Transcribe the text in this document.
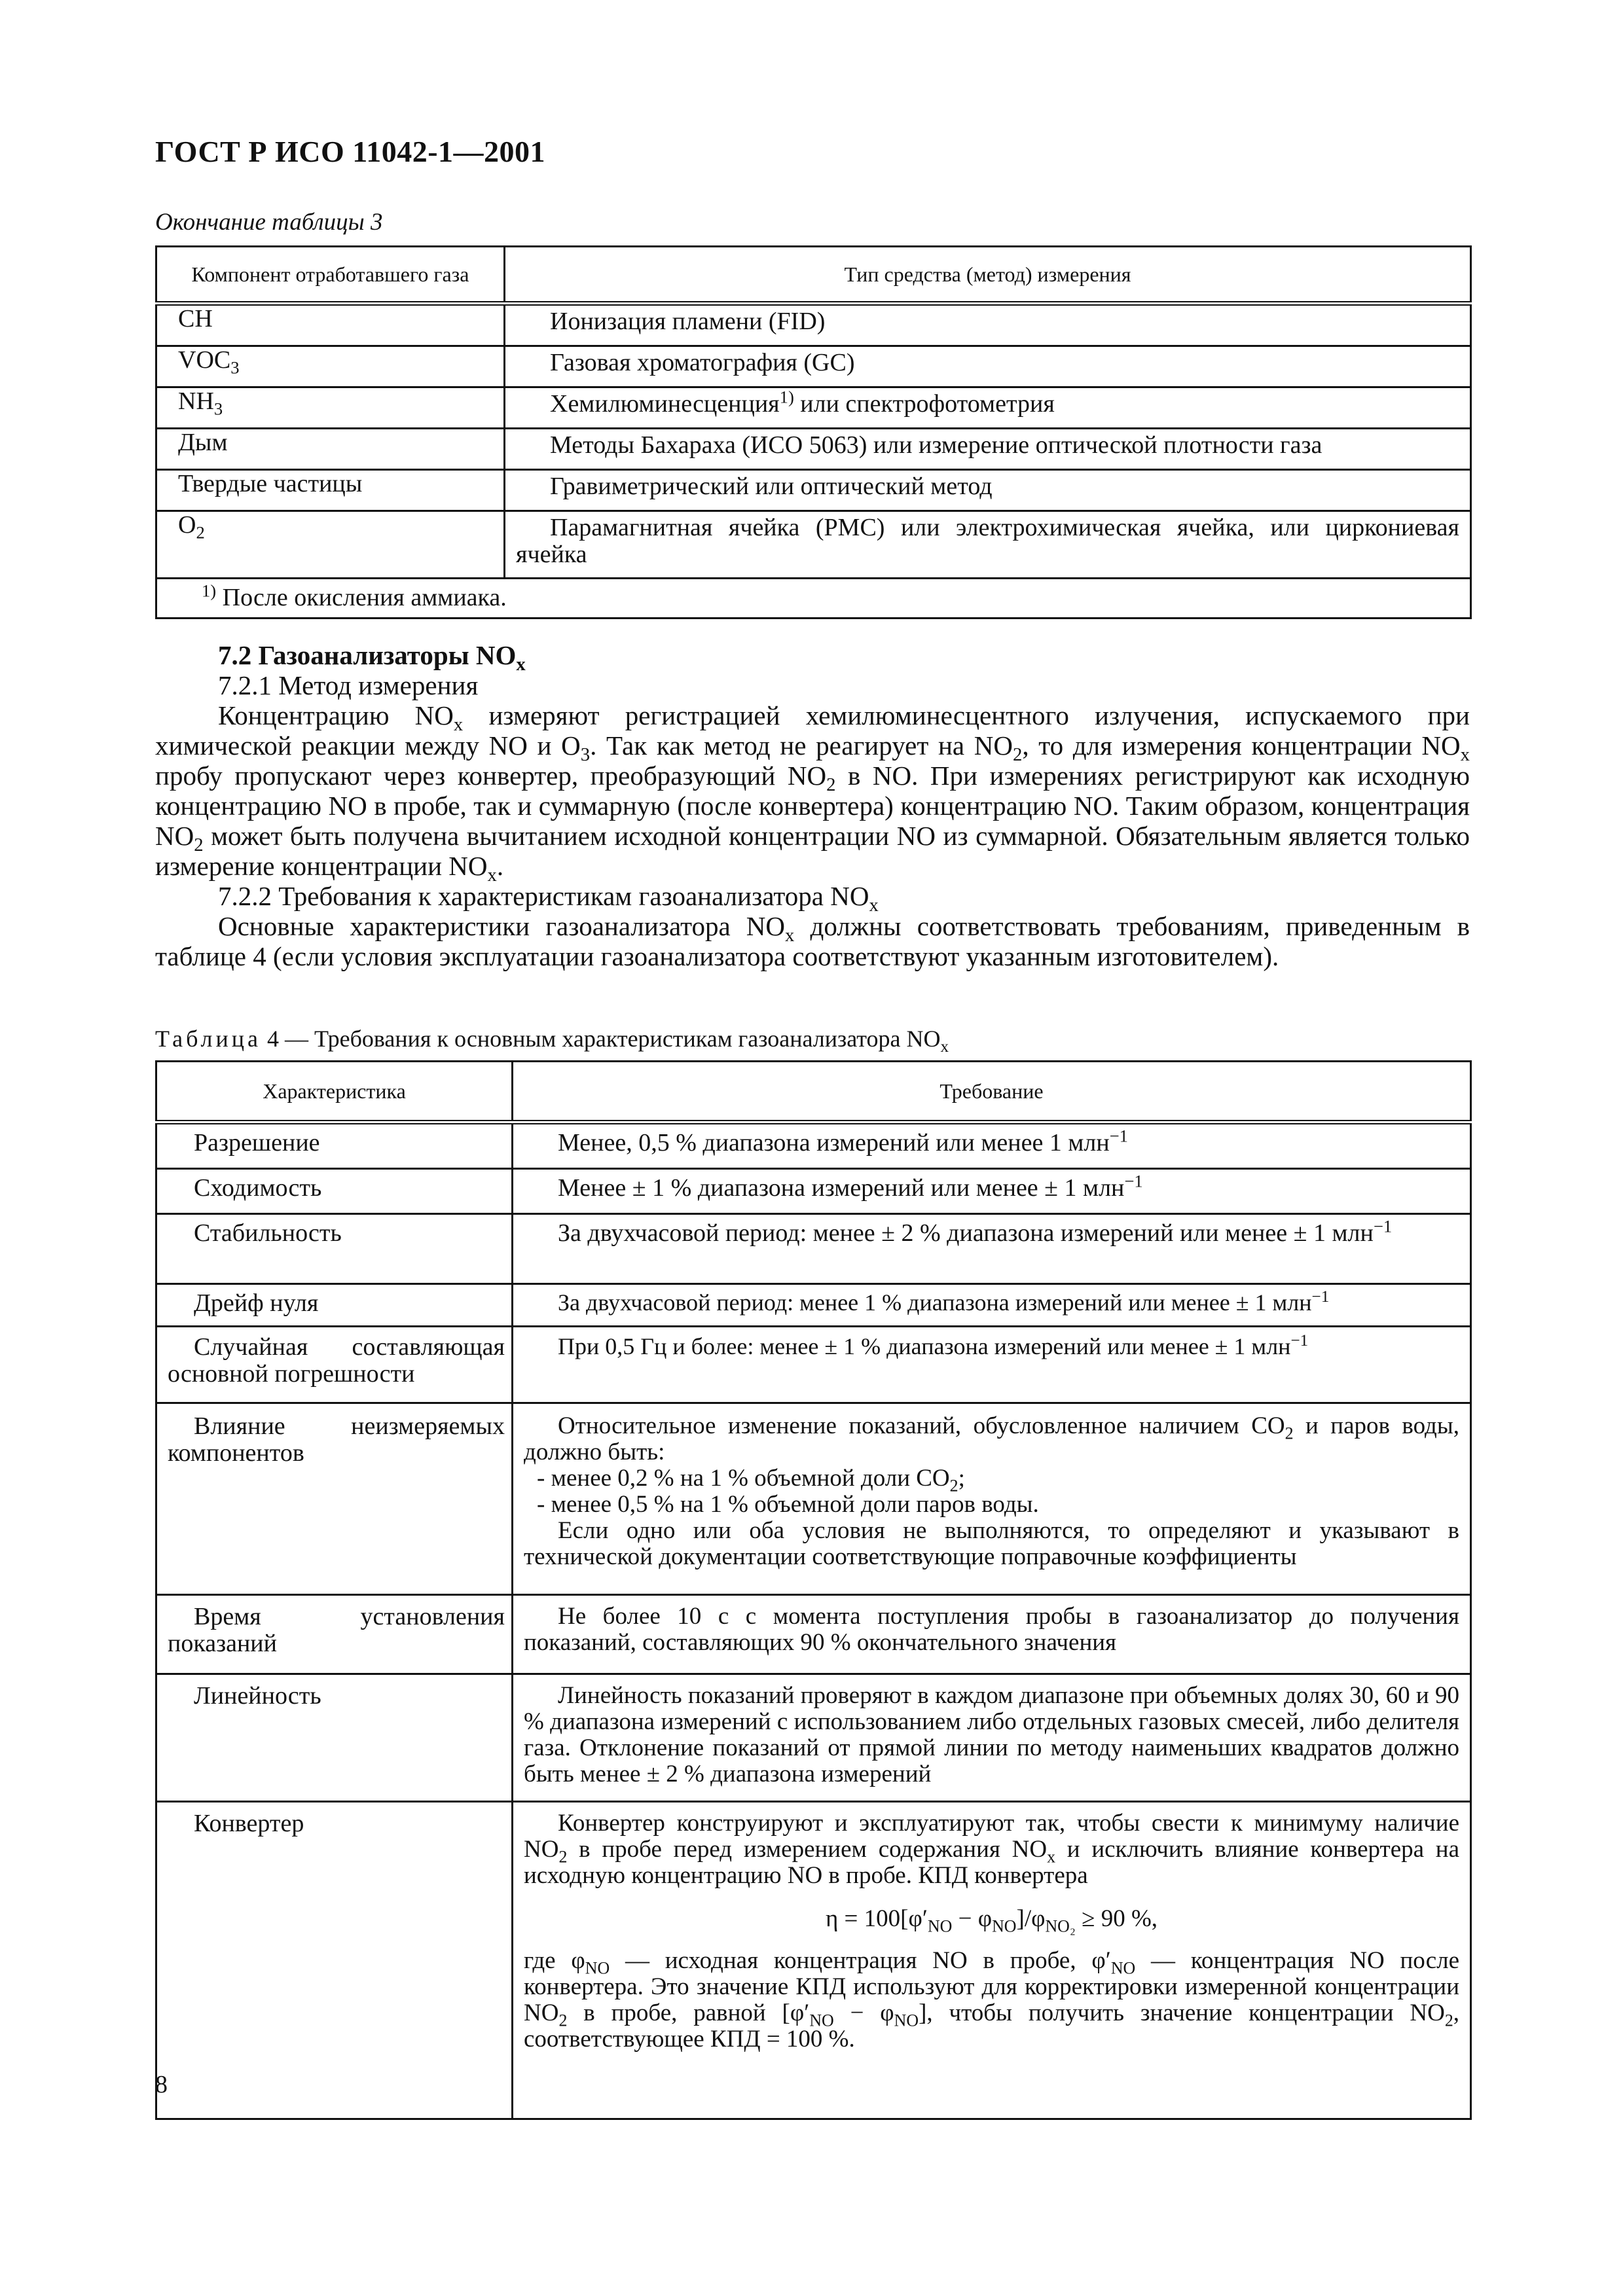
ГОСТ Р ИСО 11042-1—2001
Окончание таблицы 3
Компонент отработавшего газа	Тип средства (метод) измерения
CH	Ионизация пламени (FID)
$VOC_3$	Газовая хроматография (GC)
$NH_3$	Хемилюминесценция$^{1)}$ или спектрофотометрия
Дым	Методы Бахараха (ИСО 5063) или измерение оптической плотности газа
Твердые частицы	Гравиметрический или оптический метод
$O_2$	Парамагнитная ячейка (PMC) или электрохимическая ячейка, или циркониевая ячейка
$^{1)}$ После окисления аммиака.	

7.2 Газоанализаторы $NO_x$

7.2.1 Метод измерения

Концентрацию $NO_x$ измеряют регистрацией хемилюминесцентного излучения, испускаемого при химической реакции между NO и $O_3$. Так как метод не реагирует на $NO_2$, то для измерения концентрации $NO_x$ пробу пропускают через конвертер, преобразующий $NO_2$ в NO. При измерениях регистрируют как исходную концентрацию NO в пробе, так и суммарную (после конвертера) концентрацию NO. Таким образом, концентрация $NO_2$ может быть получена вычитанием исходной концентрации NO из суммарной. Обязательным является только измерение концентрации $NO_x$.

7.2.2 Требования к характеристикам газоанализатора $NO_x$

Основные характеристики газоанализатора $NO_x$ должны соответствовать требованиям, приведенным в таблице 4 (если условия эксплуатации газоанализатора соответствуют указанным изготовителем).

Таблица 4 — Требования к основным характеристикам газоанализатора $NO_x$
Характеристика	Требование
Разрешение	Менее, 0,5 % диапазона измерений или менее 1 млн$^{-1}$
Сходимость	Менее ± 1 % диапазона измерений или менее ± 1 млн$^{-1}$
Стабильность	За двухчасовой период: менее ± 2 % диапазона измерений или менее ± 1 млн$^{-1}$
Дрейф нуля	За двухчасовой период: менее 1 % диапазона измерений или менее ± 1 млн$^{-1}$
Случайная составляющая основной погрешности	При 0,5 Гц и более: менее ± 1 % диапазона измерений или менее ± 1 млн$^{-1}$
Влияние неизмеряемых компонентов	Относительное изменение показаний, обусловленное наличием $CO_2$ и паров воды, должно быть:
- менее 0,2 % на 1 % объемной доли $CO_2$;
- менее 0,5 % на 1 % объемной доли паров воды.
Если одно или оба условия не выполняются, то определяют и указывают в технической документации соответствующие поправочные коэффициенты

Время установления показаний	Не более 10 с с момента поступления пробы в газоанализатор до получения показаний, составляющих 90 % окончательного значения
Линейность	Линейность показаний проверяют в каждом диапазоне при объемных долях 30, 60 и 90 % диапазона измерений с использованием либо отдельных газовых смесей, либо делителя газа. Отклонение показаний от прямой линии по методу наименьших квадратов должно быть менее ± 2 % диапазона измерений
Конвертер	Конвертер конструируют и эксплуатируют так, чтобы свести к минимуму наличие $NO_2$ в пробе перед измерением содержания $NO_x$ и исключить влияние конвертера на исходную концентрацию NO в пробе. КПД конвертера
$\eta = 100[\varphi'_{NO} - \varphi_{NO}]/\varphi_{NO_2} \ge 90$ %,
где $\varphi_{NO}$ — исходная концентрация NO в пробе, $\varphi'_{NO}$ — концентрация NO после конвертера. Это значение КПД используют для корректировки измеренной концентрации $NO_2$ в пробе, равной $[\varphi'_{NO} - \varphi_{NO}]$, чтобы получить значение концентрации $NO_2$, соответствующее КПД = 100 %.
8
